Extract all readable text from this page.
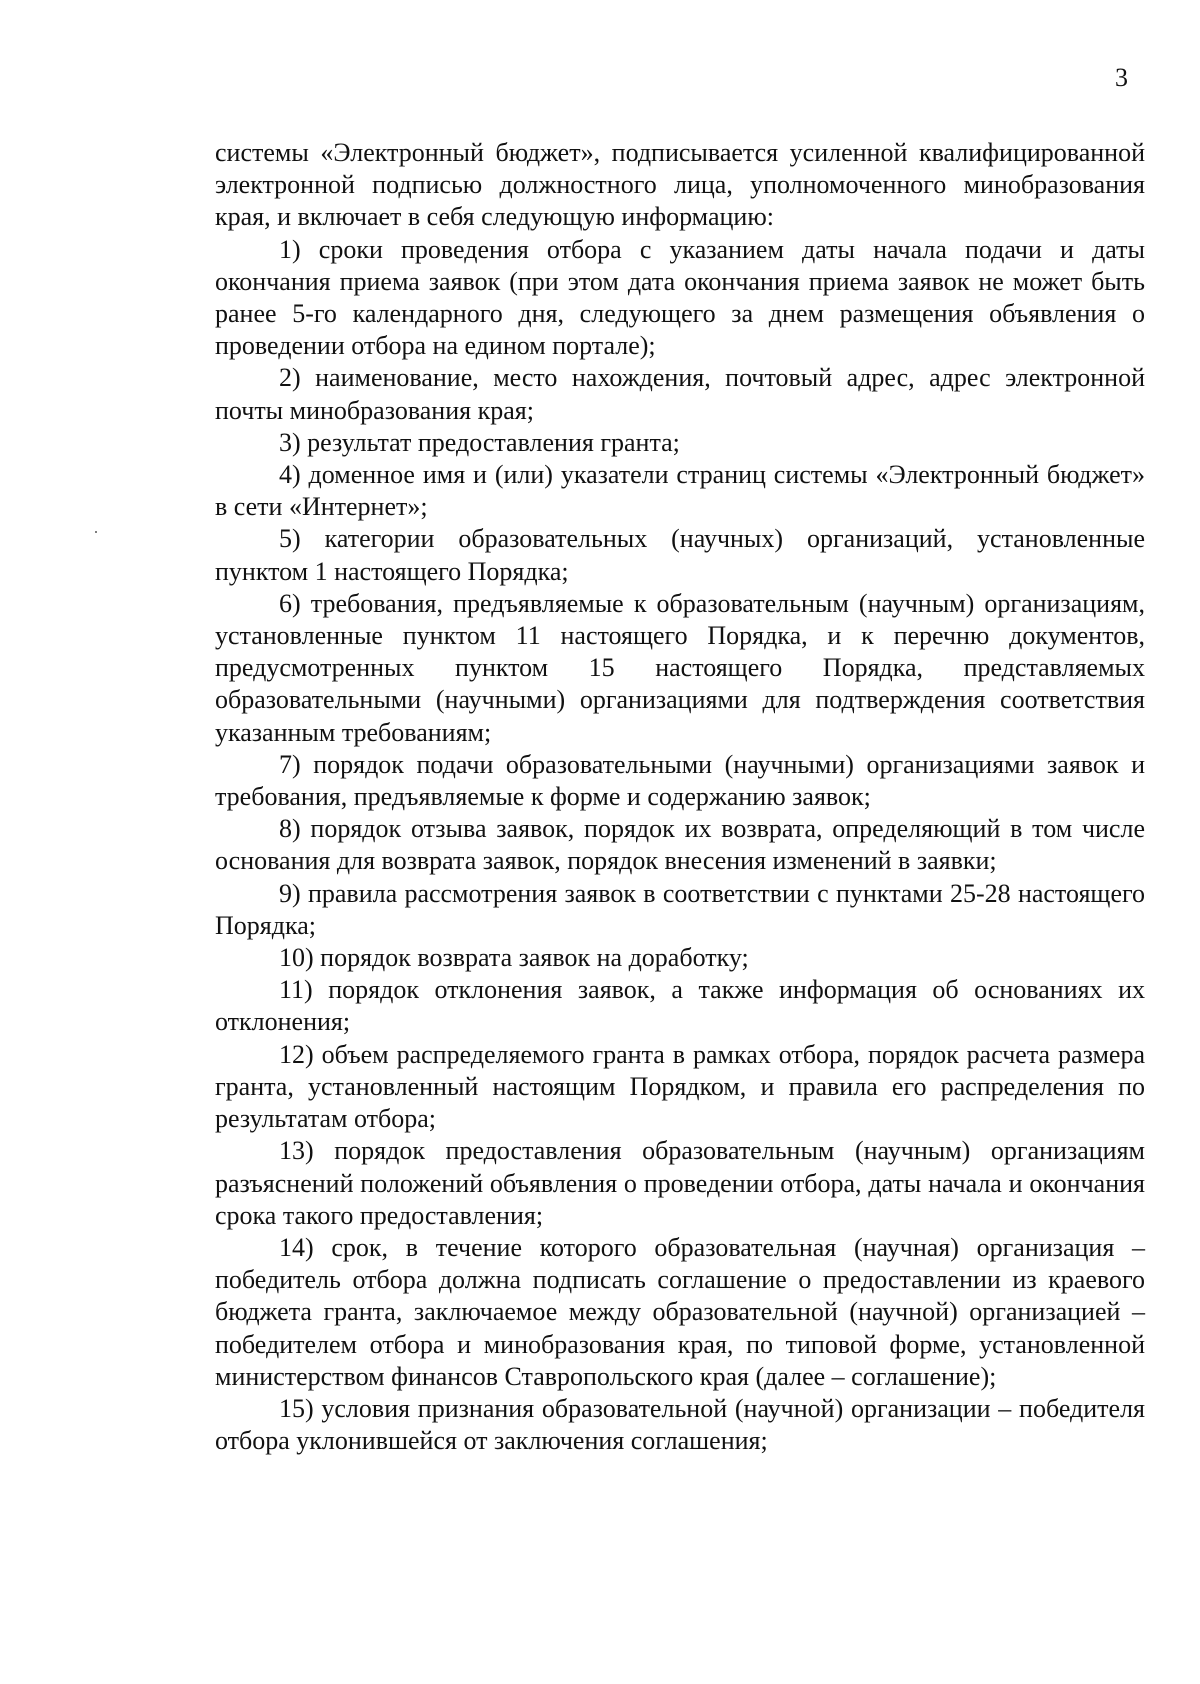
3

системы «Электронный бюджет», подписывается усиленной квалифицированной электронной подписью должностного лица, уполномоченного минобразования края, и включает в себя следующую информацию:

1) сроки проведения отбора с указанием даты начала подачи и даты окончания приема заявок (при этом дата окончания приема заявок не может быть ранее 5-го календарного дня, следующего за днем размещения объявления о проведении отбора на едином портале);

2) наименование, место нахождения, почтовый адрес, адрес электронной почты минобразования края;

3) результат предоставления гранта;

4) доменное имя и (или) указатели страниц системы «Электронный бюджет» в сети «Интернет»;

5) категории образовательных (научных) организаций, установленные пунктом 1 настоящего Порядка;

6) требования, предъявляемые к образовательным (научным) организациям, установленные пунктом 11 настоящего Порядка, и к перечню документов, предусмотренных пунктом 15 настоящего Порядка, представляемых образовательными (научными) организациями для подтверждения соответствия указанным требованиям;

7) порядок подачи образовательными (научными) организациями заявок и требования, предъявляемые к форме и содержанию заявок;

8) порядок отзыва заявок, порядок их возврата, определяющий в том числе основания для возврата заявок, порядок внесения изменений в заявки;

9) правила рассмотрения заявок в соответствии с пунктами 25-28 настоящего Порядка;

10) порядок возврата заявок на доработку;

11) порядок отклонения заявок, а также информация об основаниях их отклонения;

12) объем распределяемого гранта в рамках отбора, порядок расчета размера гранта, установленный настоящим Порядком, и правила его распределения по результатам отбора;

13) порядок предоставления образовательным (научным) организациям разъяснений положений объявления о проведении отбора, даты начала и окончания срока такого предоставления;

14) срок, в течение которого образовательная (научная) организация – победитель отбора должна подписать соглашение о предоставлении из краевого бюджета гранта, заключаемое между образовательной (научной) организацией – победителем отбора и минобразования края, по типовой форме, установленной министерством финансов Ставропольского края (далее – соглашение);

15) условия признания образовательной (научной) организации – победителя отбора уклонившейся от заключения соглашения;
